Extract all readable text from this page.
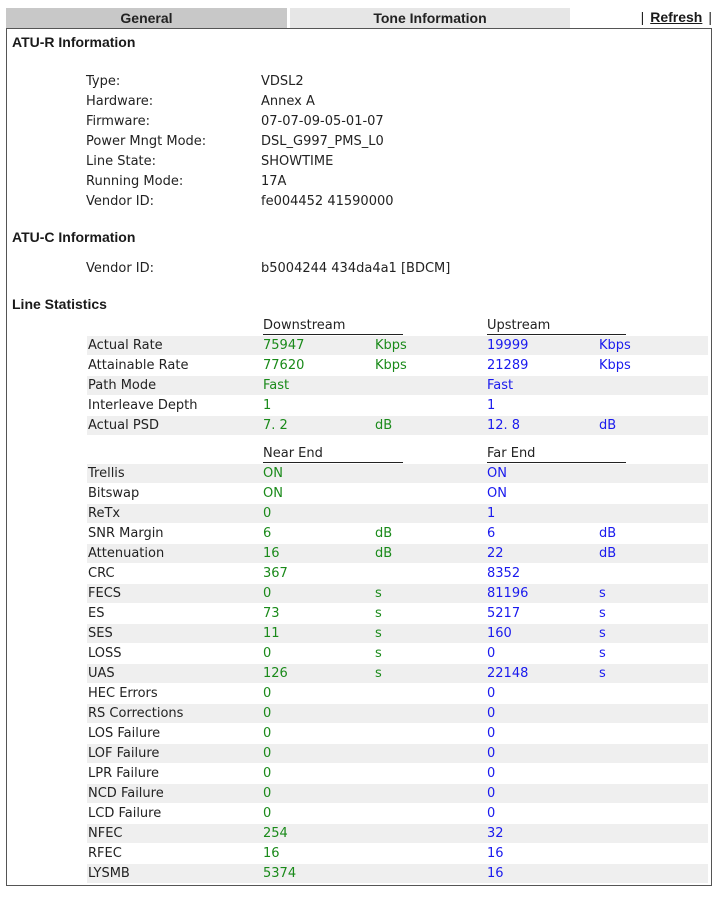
General	Tone Information	| Refresh |
ATU-R Information
Type:	VDSL2
Hardware:	Annex A
Firmware:	07-07-09-05-01-07
Power Mngt Mode:	DSL_G997_PMS_L0
Line State:	SHOWTIME
Running Mode:	17A
Vendor ID:	fe004452 41590000
ATU-C Information
Vendor ID:	b5004244 434da4a1 [BDCM]
Line Statistics
Downstream	Upstream
Actual Rate	75947	Kbps	19999	Kbps
Attainable Rate	77620	Kbps	21289	Kbps
Path Mode	Fast	Fast
Interleave Depth	1	1
Actual PSD	7. 2	dB	12. 8	dB
Near End	Far End
Trellis	ON	ON
Bitswap	ON	ON
ReTx	0	1
SNR Margin	6	dB	6	dB
Attenuation	16	dB	22	dB
CRC	367	8352
FECS	0	s	81196	s
ES	73	s	5217	s
SES	11	s	160	s
LOSS	0	s	0	s
UAS	126	s	22148	s
HEC Errors	0	0
RS Corrections	0	0
LOS Failure	0	0
LOF Failure	0	0
LPR Failure	0	0
NCD Failure	0	0
LCD Failure	0	0
NFEC	254	32
RFEC	16	16
LYSMB	5374	16
